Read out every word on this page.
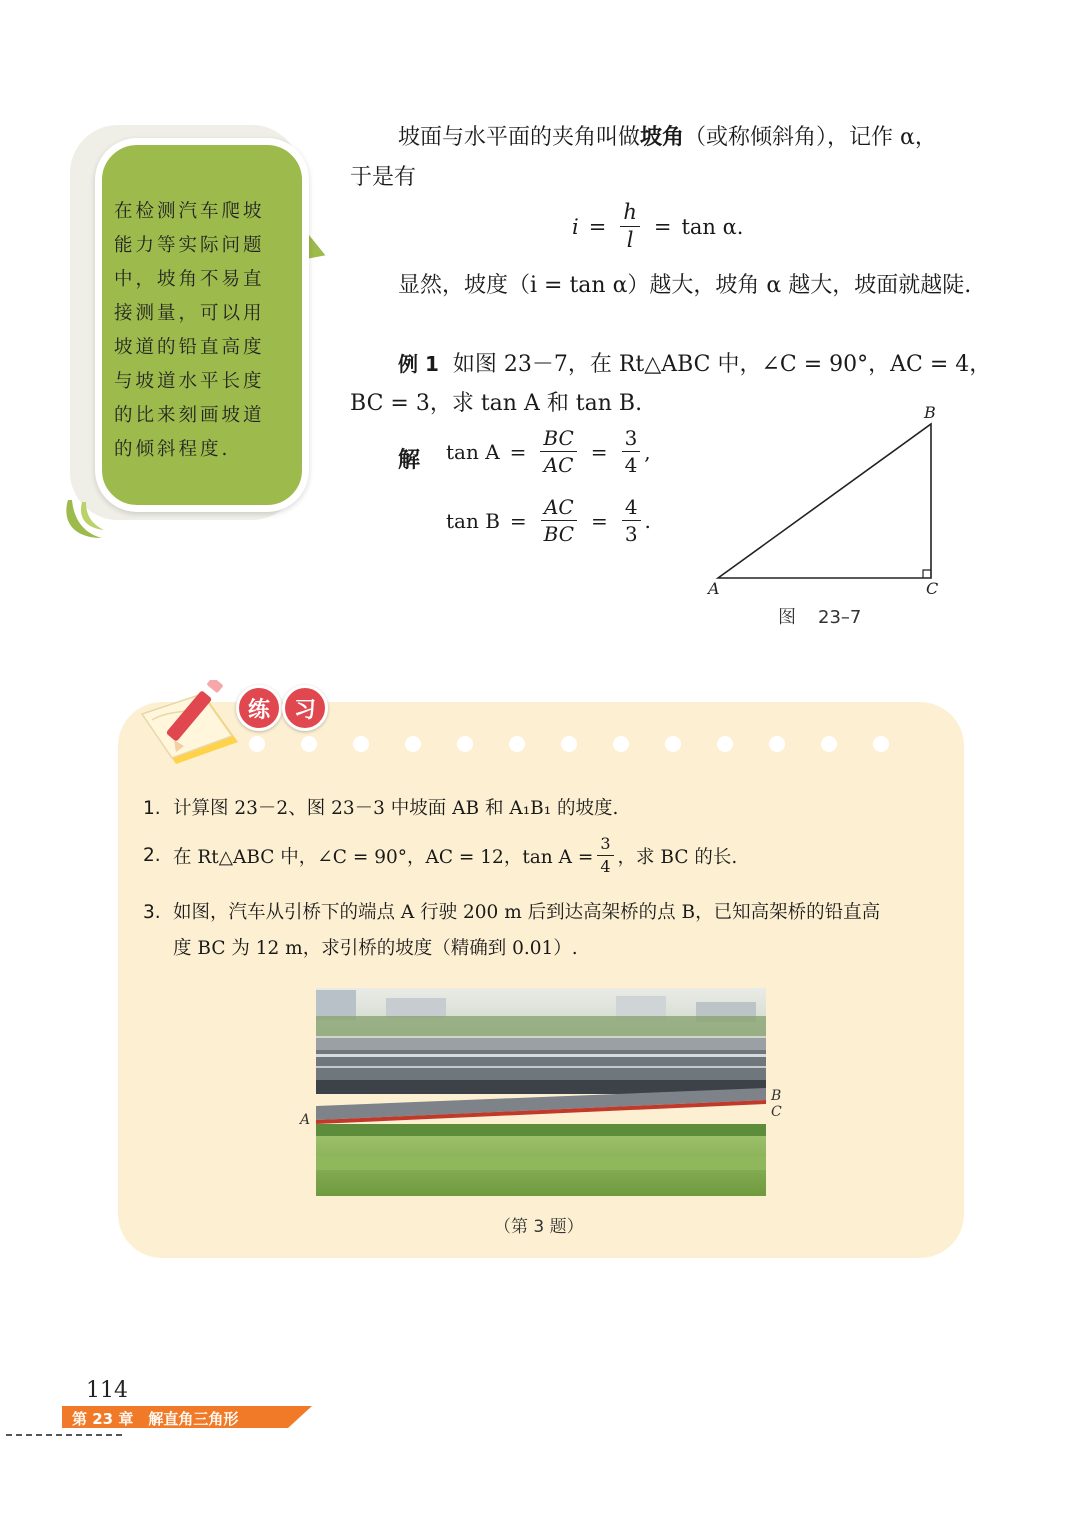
在检测汽车爬坡能力等实际问题中，坡角不易直接测量，可以用坡道的铅直高度与坡道水平长度的比来刻画坡道的倾斜程度.
坡面与水平面的夹角叫做坡角（或称倾斜角），记作 α，
于是有
$i = \frac{h}{l} = \tan \alpha$.
显然，坡度（i = tan α）越大，坡角 α 越大，坡面就越陡.
例 1 如图 23－7，在 Rt△ABC 中，∠C = 90°，AC = 4，
BC = 3，求 tan A 和 tan B.
解 $\tan A = \frac{BC}{AC} = \frac{3}{4}$ ,
$\tan B = \frac{AC}{BC} = \frac{4}{3}$ .
A
B
C
图 23–7
练	习
1. 计算图 23－2、图 23－3 中坡面 AB 和 A₁B₁ 的坡度.
2. 在 Rt△ABC 中，∠C = 90°，AC = 12，$\tan A = \frac{3}{4}$ ，求 BC 的长.
3. 如图，汽车从引桥下的端点 A 行驶 200 m 后到达高架桥的点 B，已知高架桥的铅直高
度 BC 为 12 m，求引桥的坡度（精确到 0.01）.
A
B
C
（第 3 题）
114
第 23 章　解直角三角形
